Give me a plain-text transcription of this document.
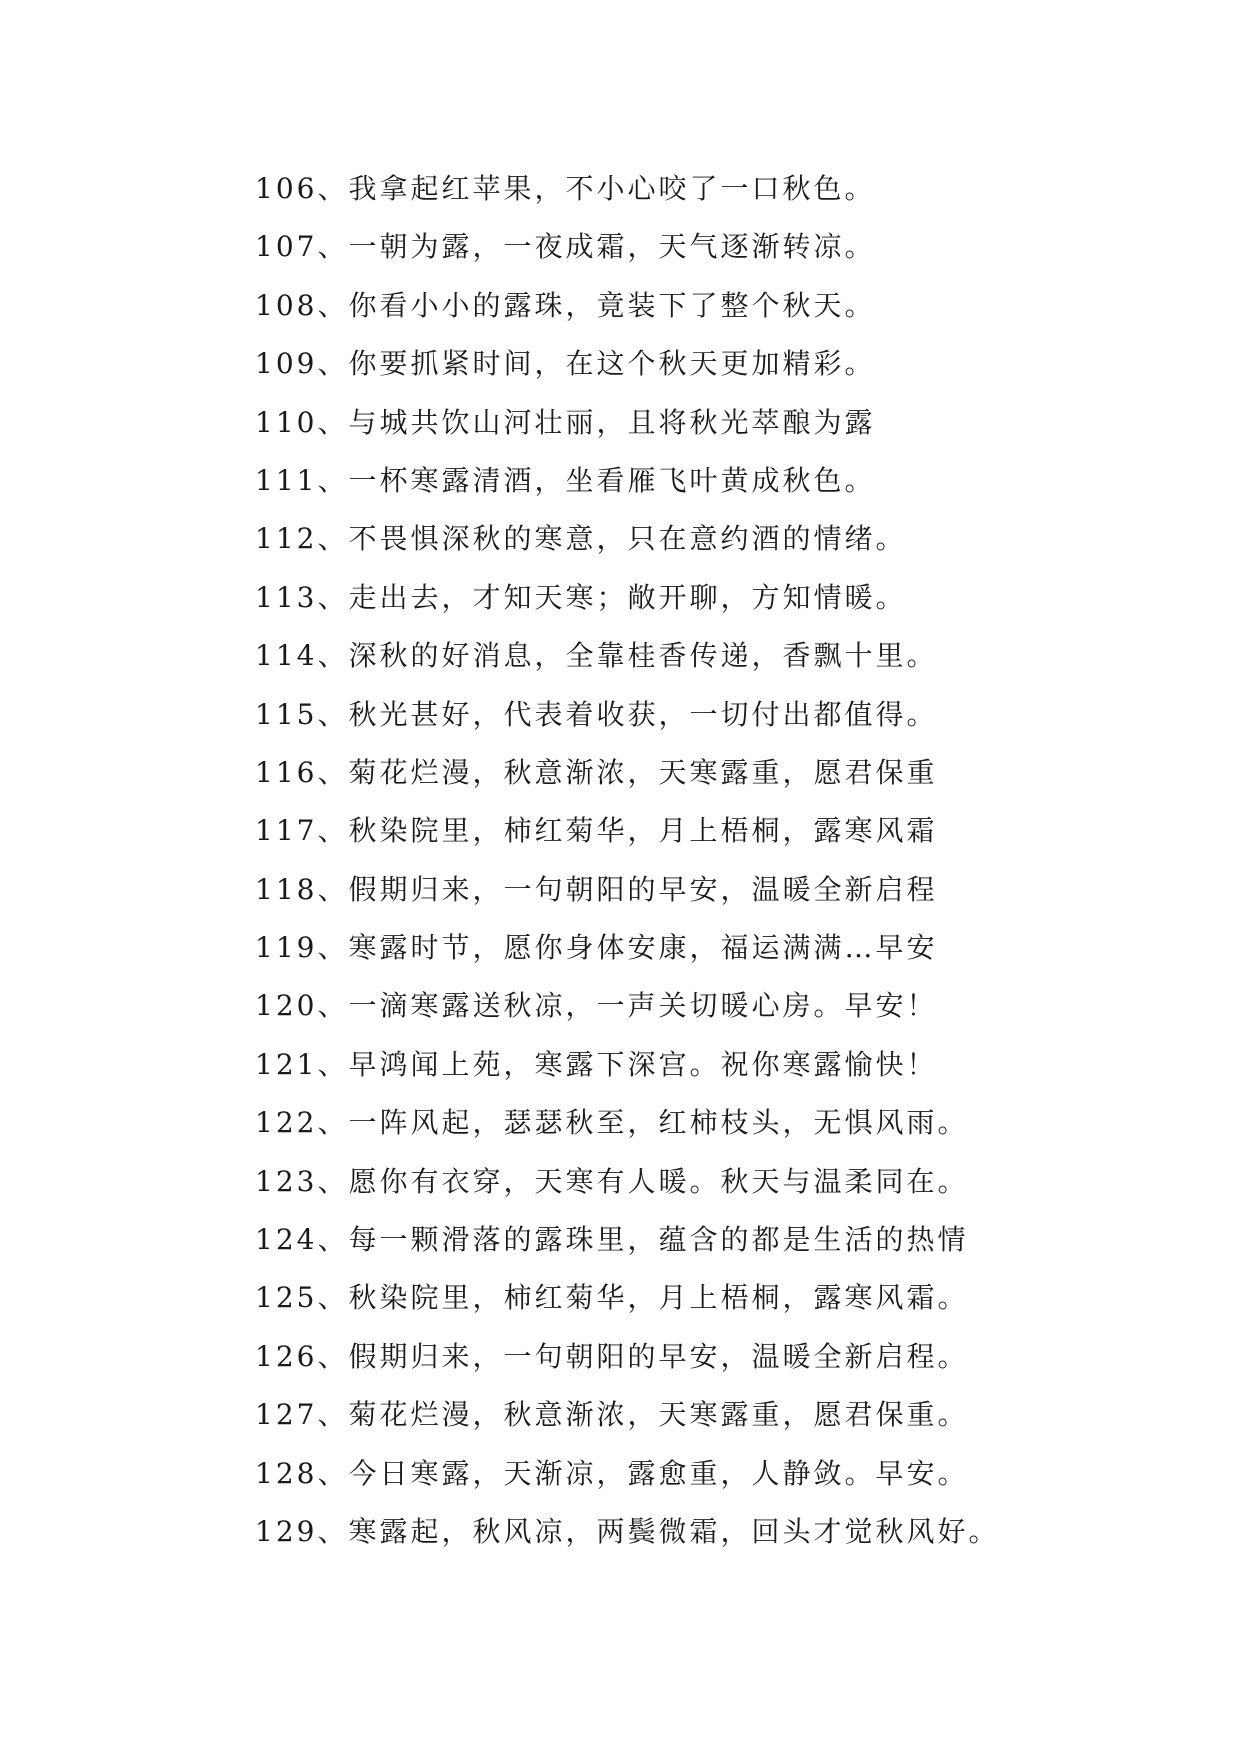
106、我拿起红苹果，不小心咬了一口秋色。
107、一朝为露，一夜成霜，天气逐渐转凉。
108、你看小小的露珠，竟装下了整个秋天。
109、你要抓紧时间，在这个秋天更加精彩。
110、与城共饮山河壮丽，且将秋光萃酿为露
111、一杯寒露清酒，坐看雁飞叶黄成秋色。
112、不畏惧深秋的寒意，只在意约酒的情绪。
113、走出去，才知天寒；敞开聊，方知情暖。
114、深秋的好消息，全靠桂香传递，香飘十里。
115、秋光甚好，代表着收获，一切付出都值得。
116、菊花烂漫，秋意渐浓，天寒露重，愿君保重
117、秋染院里，柿红菊华，月上梧桐，露寒风霜
118、假期归来，一句朝阳的早安，温暖全新启程
119、寒露时节，愿你身体安康，福运满满…早安
120、一滴寒露送秋凉，一声关切暖心房。早安！
121、早鸿闻上苑，寒露下深宫。祝你寒露愉快！
122、一阵风起，瑟瑟秋至，红柿枝头，无惧风雨。
123、愿你有衣穿，天寒有人暖。秋天与温柔同在。
124、每一颗滑落的露珠里，蕴含的都是生活的热情
125、秋染院里，柿红菊华，月上梧桐，露寒风霜。
126、假期归来，一句朝阳的早安，温暖全新启程。
127、菊花烂漫，秋意渐浓，天寒露重，愿君保重。
128、今日寒露，天渐凉，露愈重，人静敛。早安。
129、寒露起，秋风凉，两鬓微霜，回头才觉秋风好。
